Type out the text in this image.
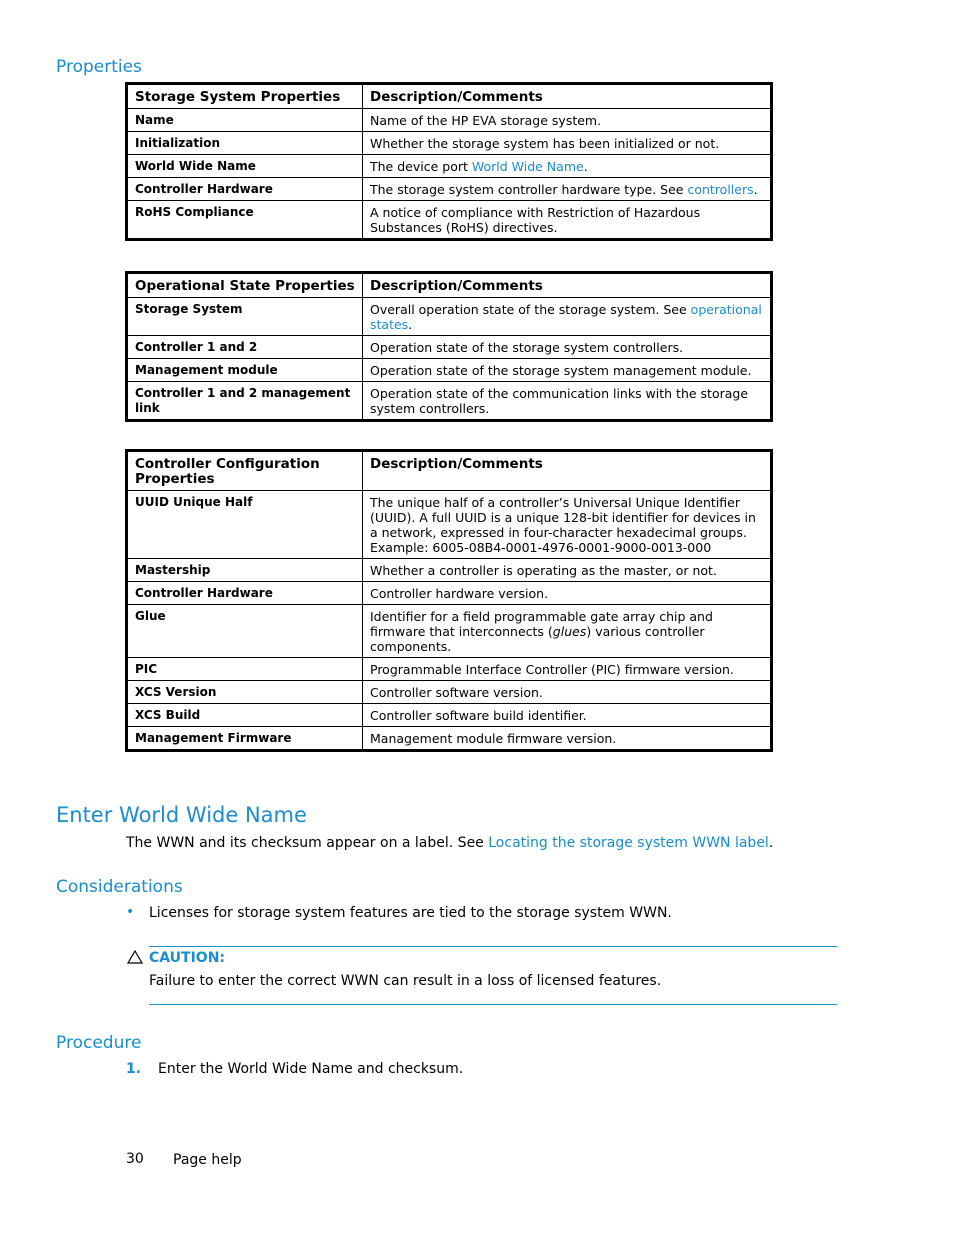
Properties
Storage System Properties	Description/Comments
Name	Name of the HP EVA storage system.
Initialization	Whether the storage system has been initialized or not.
World Wide Name	The device port World Wide Name.
Controller Hardware	The storage system controller hardware type. See controllers.
RoHS Compliance	A notice of compliance with Restriction of Hazardous Substances (RoHS) directives.
Operational State Properties	Description/Comments
Storage System	Overall operation state of the storage system. See operational states.
Controller 1 and 2	Operation state of the storage system controllers.
Management module	Operation state of the storage system management module.
Controller 1 and 2 management link	Operation state of the communication links with the storage system controllers.
Controller Configuration Properties	Description/Comments
UUID Unique Half	The unique half of a controller’s Universal Unique Identifier (UUID). A full UUID is a unique 128-bit identifier for devices in a network, expressed in four-character hexadecimal groups. Example: 6005-08B4-0001-4976-0001-9000-0013-000
Mastership	Whether a controller is operating as the master, or not.
Controller Hardware	Controller hardware version.
Glue	Identifier for a field programmable gate array chip and firmware that interconnects (glues) various controller components.
PIC	Programmable Interface Controller (PIC) firmware version.
XCS Version	Controller software version.
XCS Build	Controller software build identifier.
Management Firmware	Management module firmware version.
Enter World Wide Name
The WWN and its checksum appear on a label. See Locating the storage system WWN label.
Considerations
• Licenses for storage system features are tied to the storage system WWN.
CAUTION:
Failure to enter the correct WWN can result in a loss of licensed features.
Procedure
1. Enter the World Wide Name and checksum.
30 Page help
